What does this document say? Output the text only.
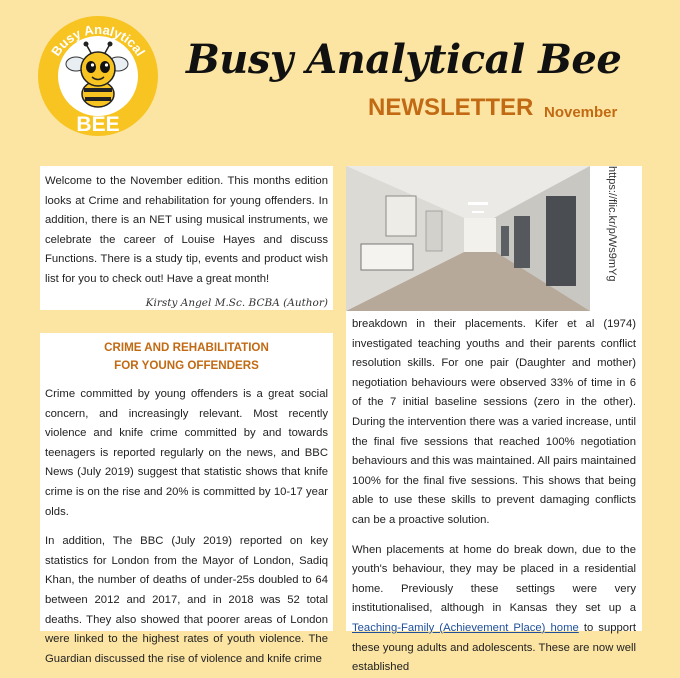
Busy Analytical
BEE
Busy Analytical Bee
NEWSLETTER November

Welcome to the November edition. This months edition looks at Crime and rehabilitation for young offenders. In addition, there is an NET using musical instruments, we celebrate the career of Louise Hayes and discuss Functions. There is a study tip, events and product wish list for you to check out! Have a great month!

Kirsty Angel M.Sc. BCBA (Author)

https://flic.kr/p/Ws9mYg
CRIME AND REHABILITATION
FOR YOUNG OFFENDERS

Crime committed by young offenders is a great social concern, and increasingly relevant. Most recently violence and knife crime committed by and towards teenagers is reported regularly on the news, and BBC News (July 2019) suggest that statistic shows that knife crime is on the rise and 20% is committed by 10-17 year olds.

In addition, The BBC (July 2019) reported on key statistics for London from the Mayor of London, Sadiq Khan, the number of deaths of under-25s doubled to 64 between 2012 and 2017, and in 2018 was 52 total deaths. They also showed that poorer areas of London were linked to the highest rates of youth violence. The Guardian discussed the rise of violence and knife crime

breakdown in their placements. Kifer et al (1974) investigated teaching youths and their parents conflict resolution skills. For one pair (Daughter and mother) negotiation behaviours were observed 33% of time in 6 of the 7 initial baseline sessions (zero in the other). During the intervention there was a varied increase, until the final five sessions that reached 100% negotiation behaviours and this was maintained. All pairs maintained 100% for the final five sessions. This shows that being able to use these skills to prevent damaging conflicts can be a proactive solution.

When placements at home do break down, due to the youth's behaviour, they may be placed in a residential home. Previously these settings were very institutionalised, although in Kansas they set up a Teaching-Family (Achievement Place) home to support these young adults and adolescents. These are now well established
